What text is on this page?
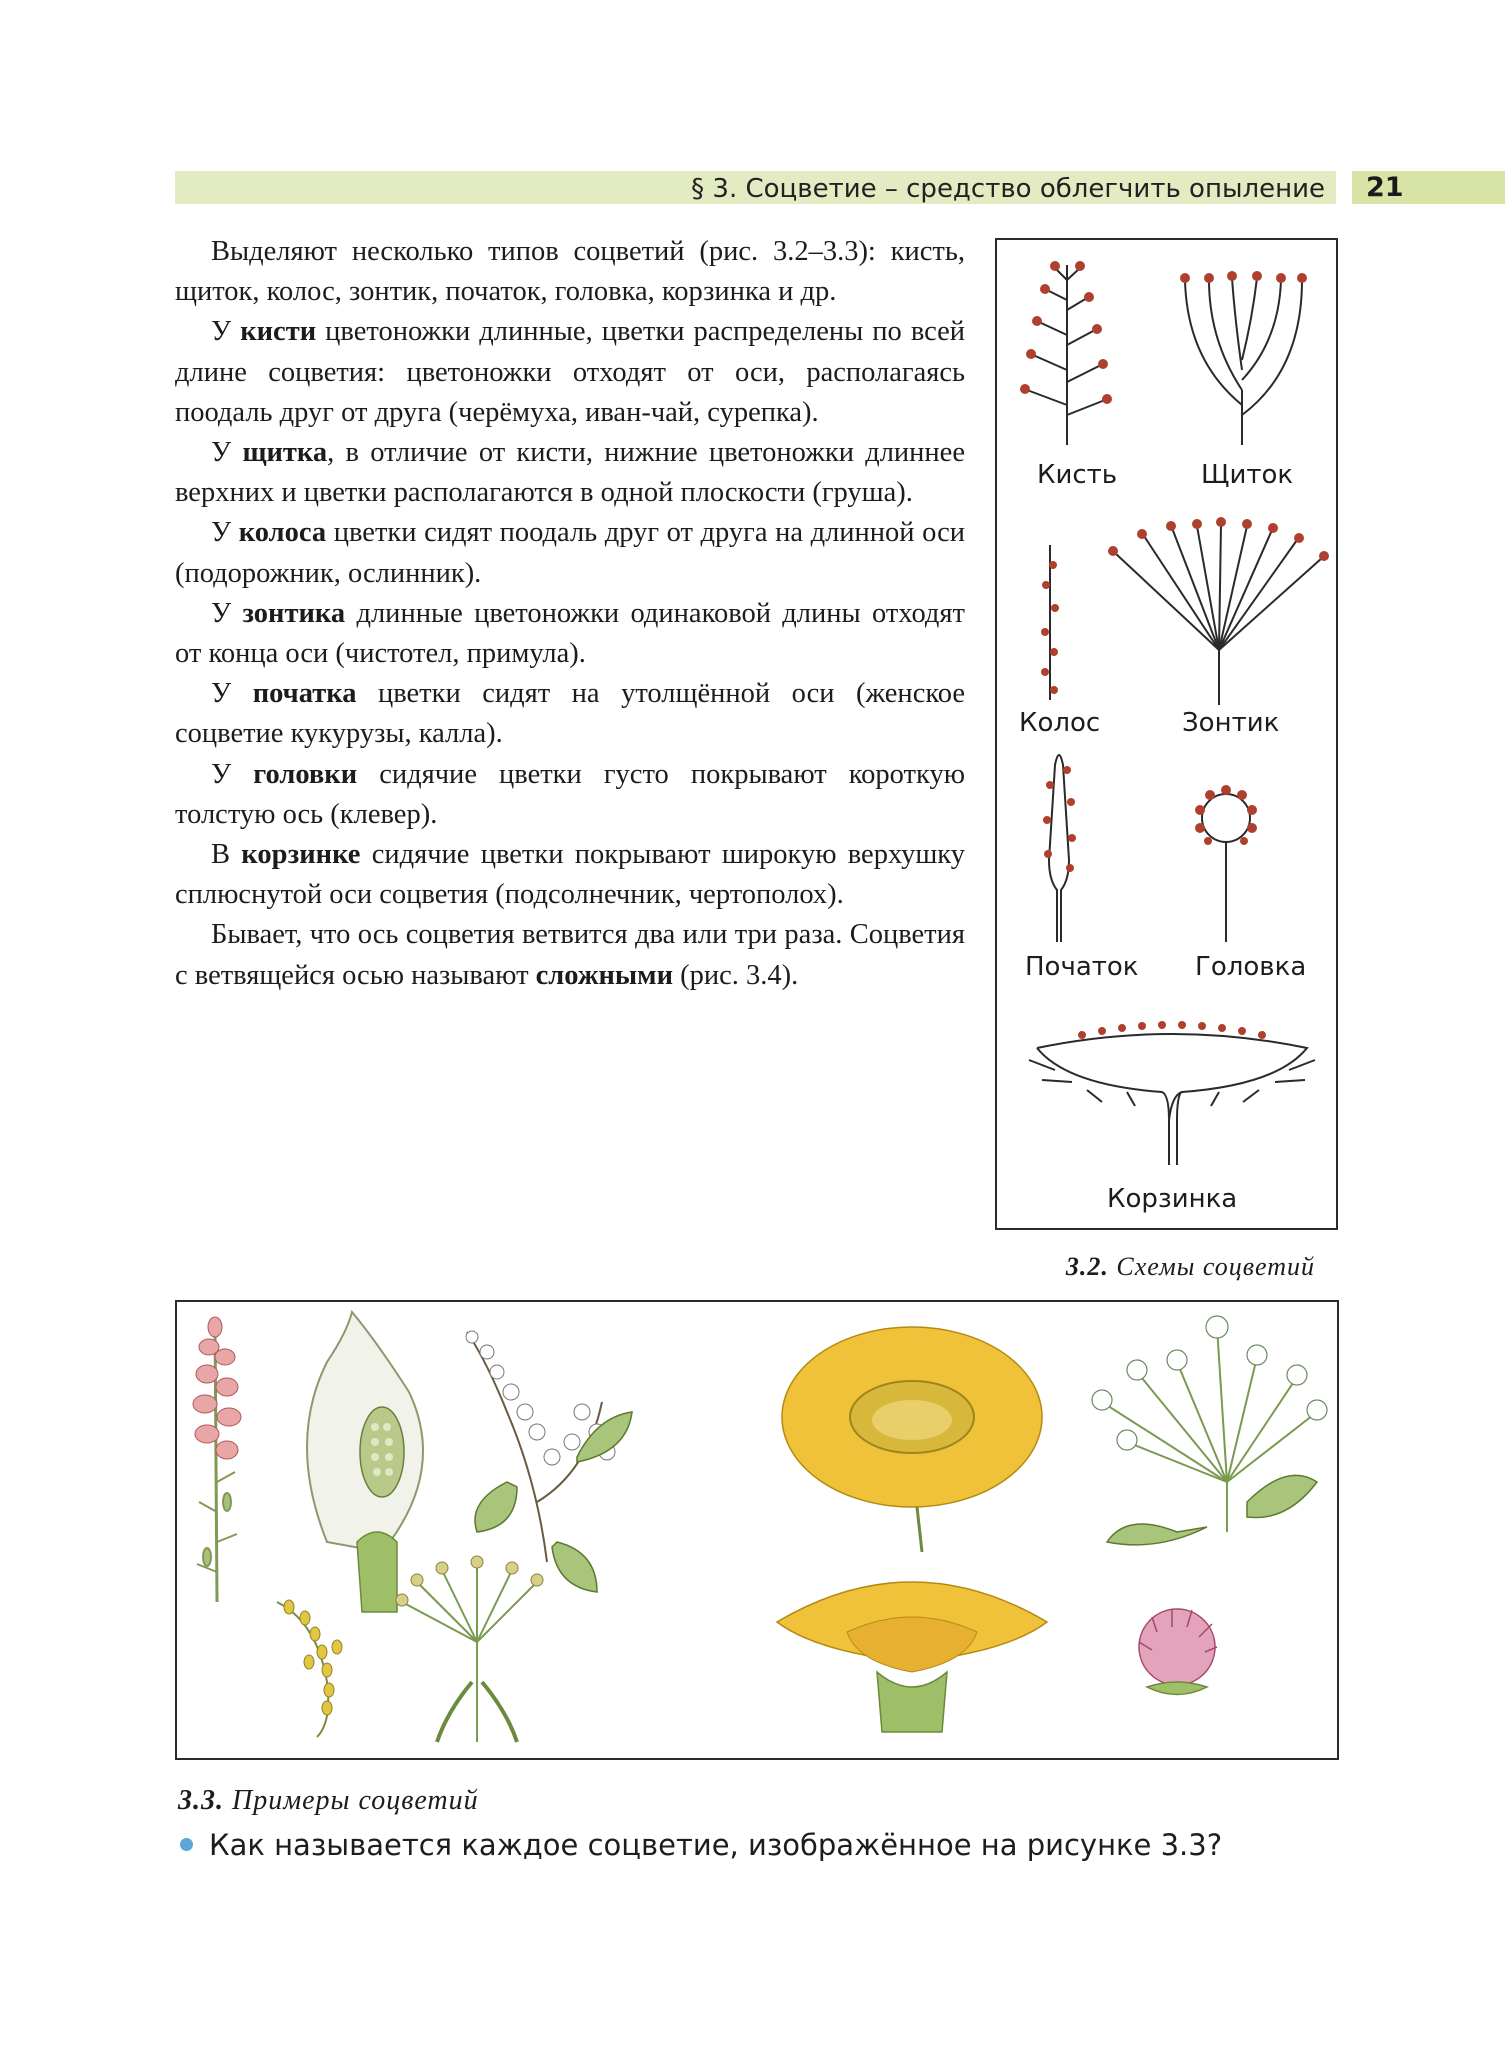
§ 3. Соцветие – средство облегчить опыление	21

Выделяют несколько типов соцветий (рис. 3.2–3.3): кисть, щиток, колос, зонтик, початок, головка, корзинка и др.

У кисти цветоножки длинные, цветки распределены по всей длине соцветия: цветоножки отходят от оси, располагаясь поодаль друг от друга (черёмуха, иван-чай, сурепка).

У щитка, в отличие от кисти, нижние цветоножки длиннее верхних и цветки располагаются в одной плоскости (груша).

У колоса цветки сидят поодаль друг от друга на длинной оси (подорожник, ослинник).

У зонтика длинные цветоножки одинаковой длины отходят от конца оси (чистотел, примула).

У початка цветки сидят на утолщённой оси (женское соцветие кукурузы, калла).

У головки сидячие цветки густо покрывают короткую толстую ось (клевер).

В корзинке сидячие цветки покрывают широкую верхушку сплюснутой оси соцветия (подсолнечник, чертополох).

Бывает, что ось соцветия ветвится два или три раза. Соцветия с ветвящейся осью называют сложными (рис. 3.4).

Кисть	Щиток
Колос	Зонтик
Початок Головка
Корзинка
3.2. Схемы соцветий
3.3. Примеры соцветий
Как называется каждое соцветие, изображённое на рисунке 3.3?
